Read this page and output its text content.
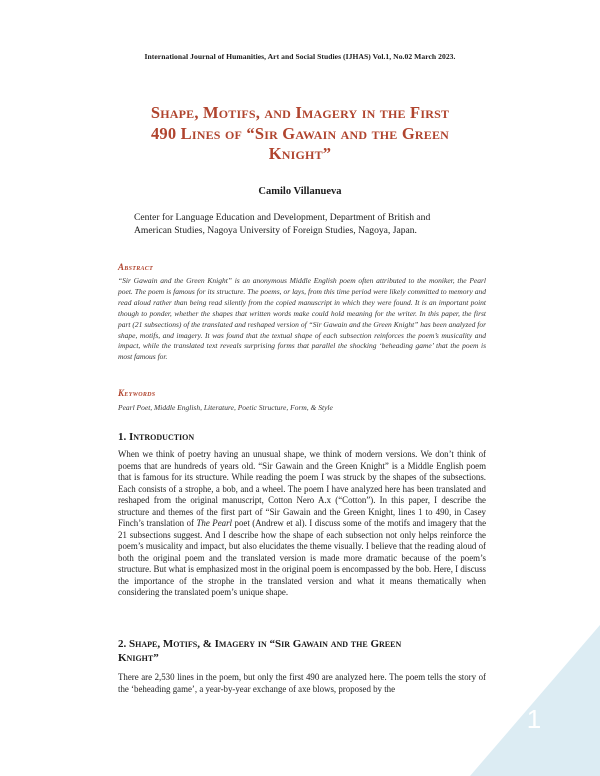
International Journal of Humanities, Art and Social Studies (IJHAS) Vol.1, No.02 March 2023.
Shape, Motifs, and Imagery in the First
490 Lines of “Sir Gawain and the Green
Knight”
Camilo Villanueva
Center for Language Education and Development, Department of British and
American Studies, Nagoya University of Foreign Studies, Nagoya, Japan.
Abstract
“Sir Gawain and the Green Knight” is an anonymous Middle English poem often attributed to the moniker, the Pearl poet. The poem is famous for its structure. The poems, or lays, from this time period were likely committed to memory and read aloud rather than being read silently from the copied manuscript in which they were found. It is an important point though to ponder, whether the shapes that written words make could hold meaning for the writer. In this paper, the first part (21 subsections) of the translated and reshaped version of “Sir Gawain and the Green Knight” has been analyzed for shape, motifs, and imagery. It was found that the textual shape of each subsection reinforces the poem’s musicality and impact, while the translated text reveals surprising forms that parallel the shocking ‘beheading game’ that the poem is most famous for.
Keywords
Pearl Poet, Middle English, Literature, Poetic Structure, Form, & Style
1. Introduction
When we think of poetry having an unusual shape, we think of modern versions. We don’t think of poems that are hundreds of years old. “Sir Gawain and the Green Knight” is a Middle English poem that is famous for its structure. While reading the poem I was struck by the shapes of the subsections. Each consists of a strophe, a bob, and a wheel. The poem I have analyzed here has been translated and reshaped from the original manuscript, Cotton Nero A.x (“Cotton”). In this paper, I describe the structure and themes of the first part of “Sir Gawain and the Green Knight, lines 1 to 490, in Casey Finch’s translation of The Pearl poet (Andrew et al). I discuss some of the motifs and imagery that the 21 subsections suggest. And I describe how the shape of each subsection not only helps reinforce the poem’s musicality and impact, but also elucidates the theme visually. I believe that the reading aloud of both the original poem and the translated version is made more dramatic because of the poem’s structure. But what is emphasized most in the original poem is encompassed by the bob. Here, I discuss the importance of the strophe in the translated version and what it means thematically when considering the translated poem’s unique shape.
2. Shape, Motifs, & Imagery in “Sir Gawain and the Green
Knight”
There are 2,530 lines in the poem, but only the first 490 are analyzed here. The poem tells the story of the ‘beheading game’, a year-by-year exchange of axe blows, proposed by the
1
